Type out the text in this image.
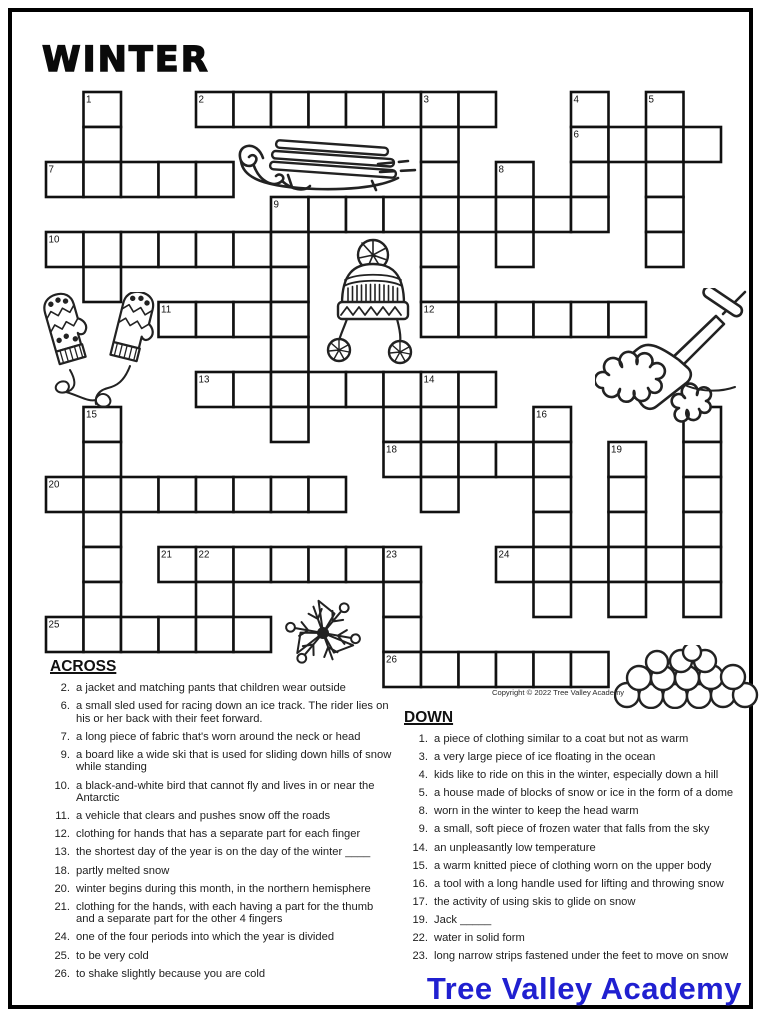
WINTER
1	2	3	4	5
6
7	8
9
10
11	12
13	14
15	16
18	19
20
21	22	23	24
25
26
Copyright © 2022 Tree Valley Academy
ACROSS
2. a jacket and matching pants that children wear outside
6. a small sled used for racing down an ice track. The rider lies on his or her back with their feet forward.
7. a long piece of fabric that's worn around the neck or head
9. a board like a wide ski that is used for sliding down hills of snow while standing
10. a black-and-white bird that cannot fly and lives in or near the Antarctic
11. a vehicle that clears and pushes snow off the roads
12. clothing for hands that has a separate part for each finger
13. the shortest day of the year is on the day of the winter ____
18. partly melted snow
20. winter begins during this month, in the northern hemisphere
21. clothing for the hands, with each having a part for the thumb and a separate part for the other 4 fingers
24. one of the four periods into which the year is divided
25. to be very cold
26. to shake slightly because you are cold
DOWN
1. a piece of clothing similar to a coat but not as warm
3. a very large piece of ice floating in the ocean
4. kids like to ride on this in the winter, especially down a hill
5. a house made of blocks of snow or ice in the form of a dome
8. worn in the winter to keep the head warm
9. a small, soft piece of frozen water that falls from the sky
14. an unpleasantly low temperature
15. a warm knitted piece of clothing worn on the upper body
16. a tool with a long handle used for lifting and throwing snow
17. the activity of using skis to glide on snow
19. Jack _____
22. water in solid form
23. long narrow strips fastened under the feet to move on snow
Tree Valley Academy
